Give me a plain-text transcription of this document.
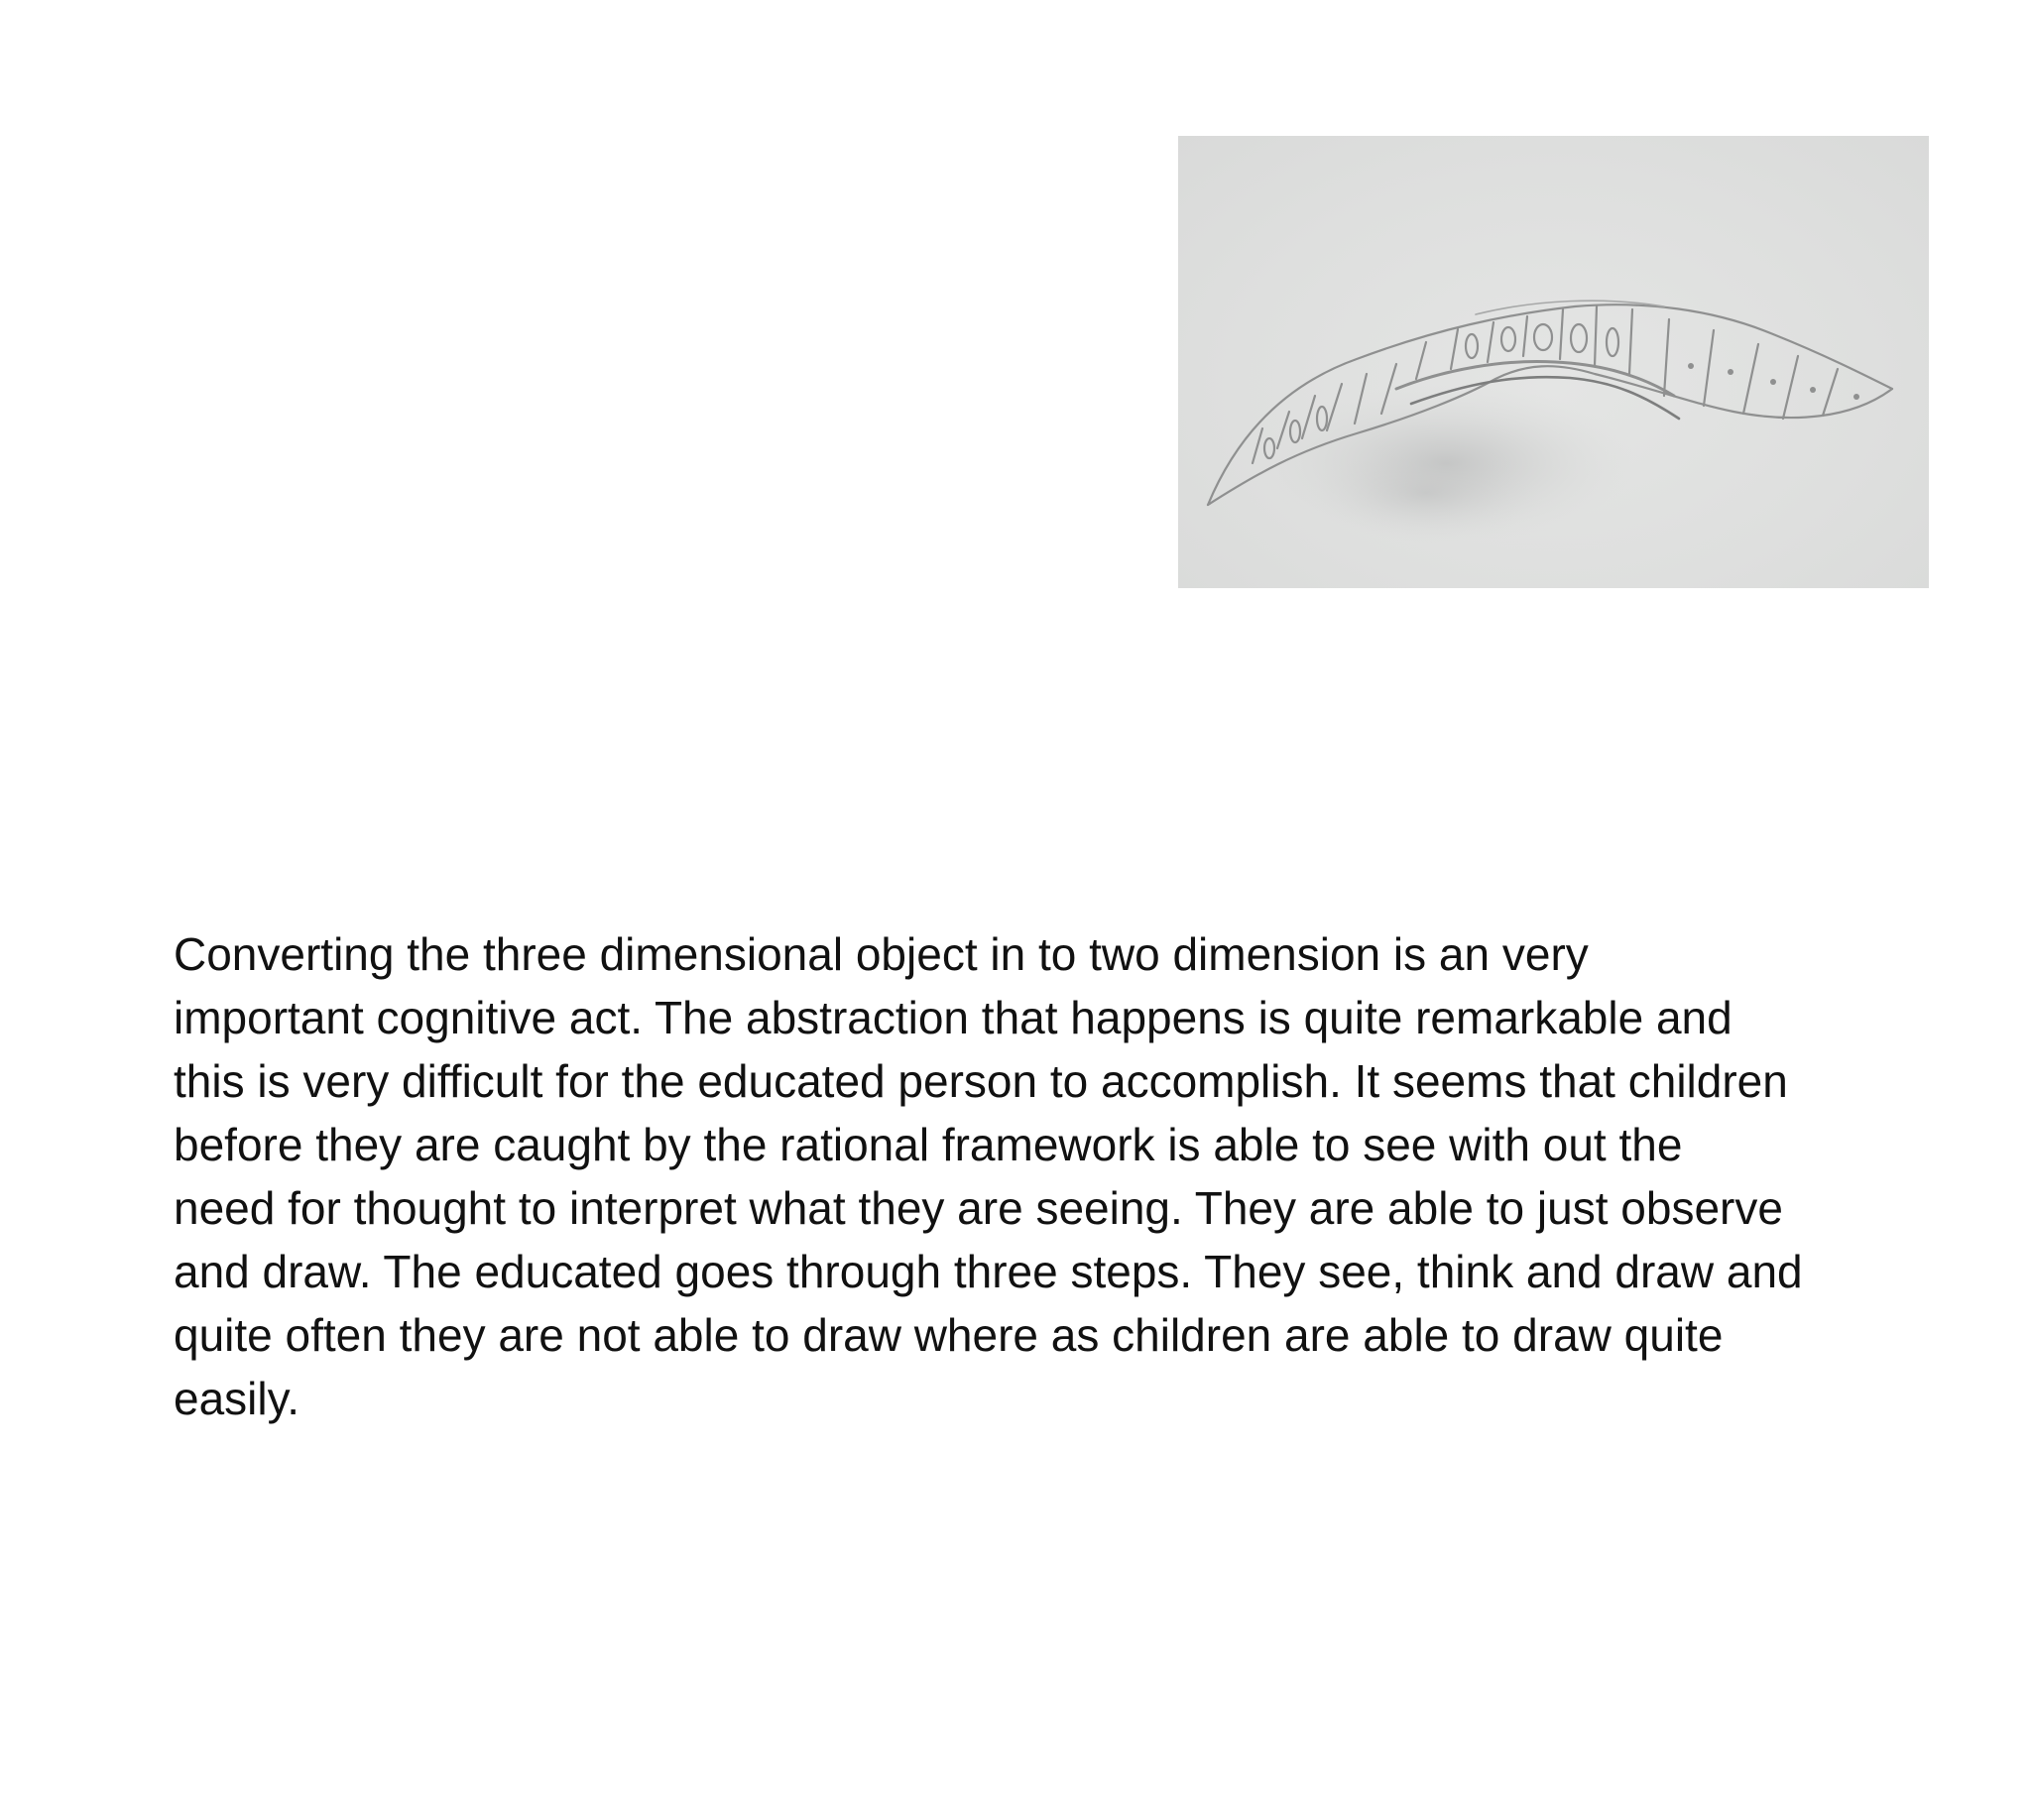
Converting the three dimensional object in to two dimension is an very
important cognitive act. The abstraction that happens is quite remarkable and
this is very difficult for the educated person to accomplish. It seems that children
before they are caught by the rational framework is able to see with out the
need for thought to interpret what they are seeing. They are able to just observe
and draw. The educated goes through three steps. They see, think and draw and
quite often they are not able to draw where as children are able to draw quite
easily.
